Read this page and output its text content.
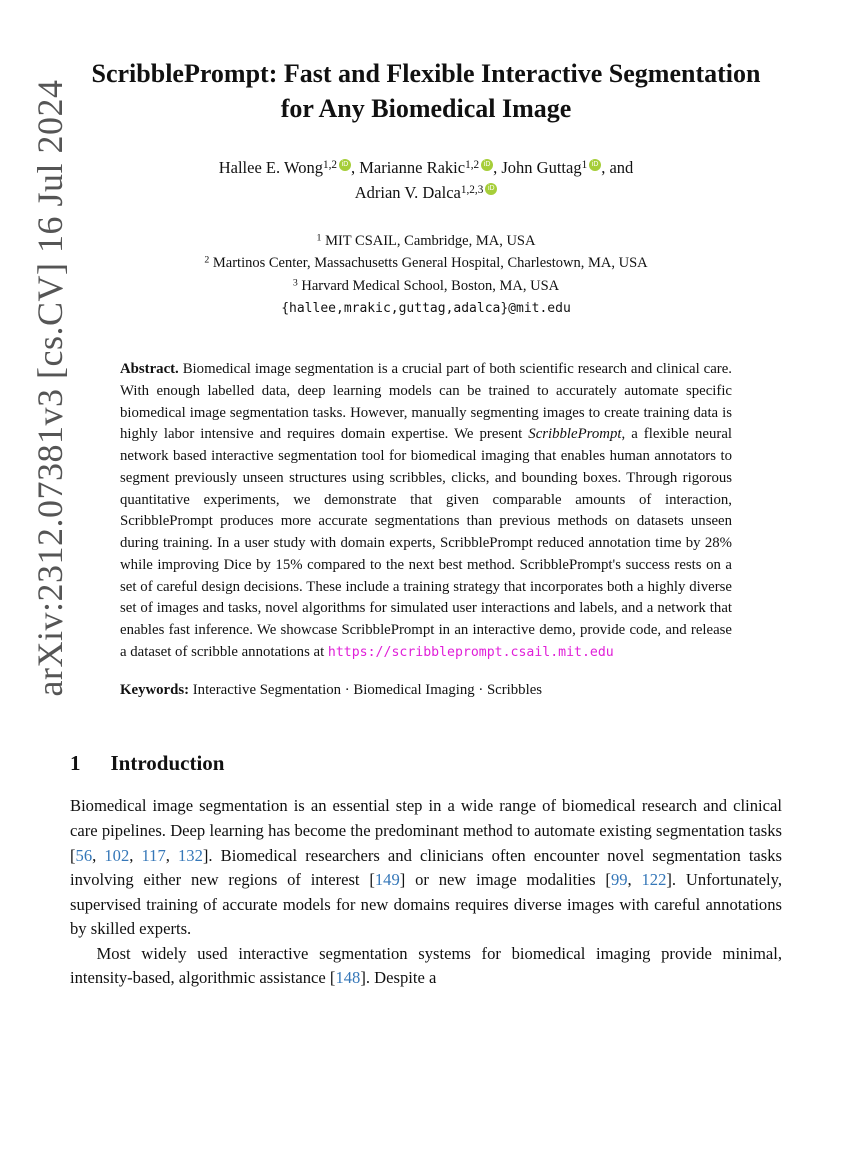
arXiv:2312.07381v3 [cs.CV] 16 Jul 2024
ScribblePrompt: Fast and Flexible Interactive Segmentation for Any Biomedical Image
Hallee E. Wong$^{1,2}$ iD , Marianne Rakic$^{1,2}$ iD , John Guttag$^1$ iD , and
Adrian V. Dalca$^{1,2,3}$iD
$^1$ MIT CSAIL, Cambridge, MA, USA
$^2$ Martinos Center, Massachusetts General Hospital, Charlestown, MA, USA
$^3$ Harvard Medical School, Boston, MA, USA
{hallee,mrakic,guttag,adalca}@mit.edu
Abstract. Biomedical image segmentation is a crucial part of both scientific research and clinical care. With enough labelled data, deep learning models can be trained to accurately automate specific biomedical image segmentation tasks. However, manually segmenting images to create training data is highly labor intensive and requires domain expertise. We present ScribblePrompt, a flexible neural network based interactive segmentation tool for biomedical imaging that enables human annotators to segment previously unseen structures using scribbles, clicks, and bounding boxes. Through rigorous quantitative experiments, we demonstrate that given comparable amounts of interaction, ScribblePrompt produces more accurate segmentations than previous methods on datasets unseen during training. In a user study with domain experts, ScribblePrompt reduced annotation time by 28% while improving Dice by 15% compared to the next best method. ScribblePrompt's success rests on a set of careful design decisions. These include a training strategy that incorporates both a highly diverse set of images and tasks, novel algorithms for simulated user interactions and labels, and a network that enables fast inference. We showcase ScribblePrompt in an interactive demo, provide code, and release a dataset of scribble annotations at https://scribbleprompt.csail.mit.edu
Keywords: Interactive Segmentation · Biomedical Imaging · Scribbles
1 Introduction

Biomedical image segmentation is an essential step in a wide range of biomedical research and clinical care pipelines. Deep learning has become the predominant method to automate existing segmentation tasks [56, 102, 117, 132]. Biomedical researchers and clinicians often encounter novel segmentation tasks involving either new regions of interest [149] or new image modalities [99, 122]. Unfortunately, supervised training of accurate models for new domains requires diverse images with careful annotations by skilled experts.

Most widely used interactive segmentation systems for biomedical imaging provide minimal, intensity-based, algorithmic assistance [148]. Despite a
